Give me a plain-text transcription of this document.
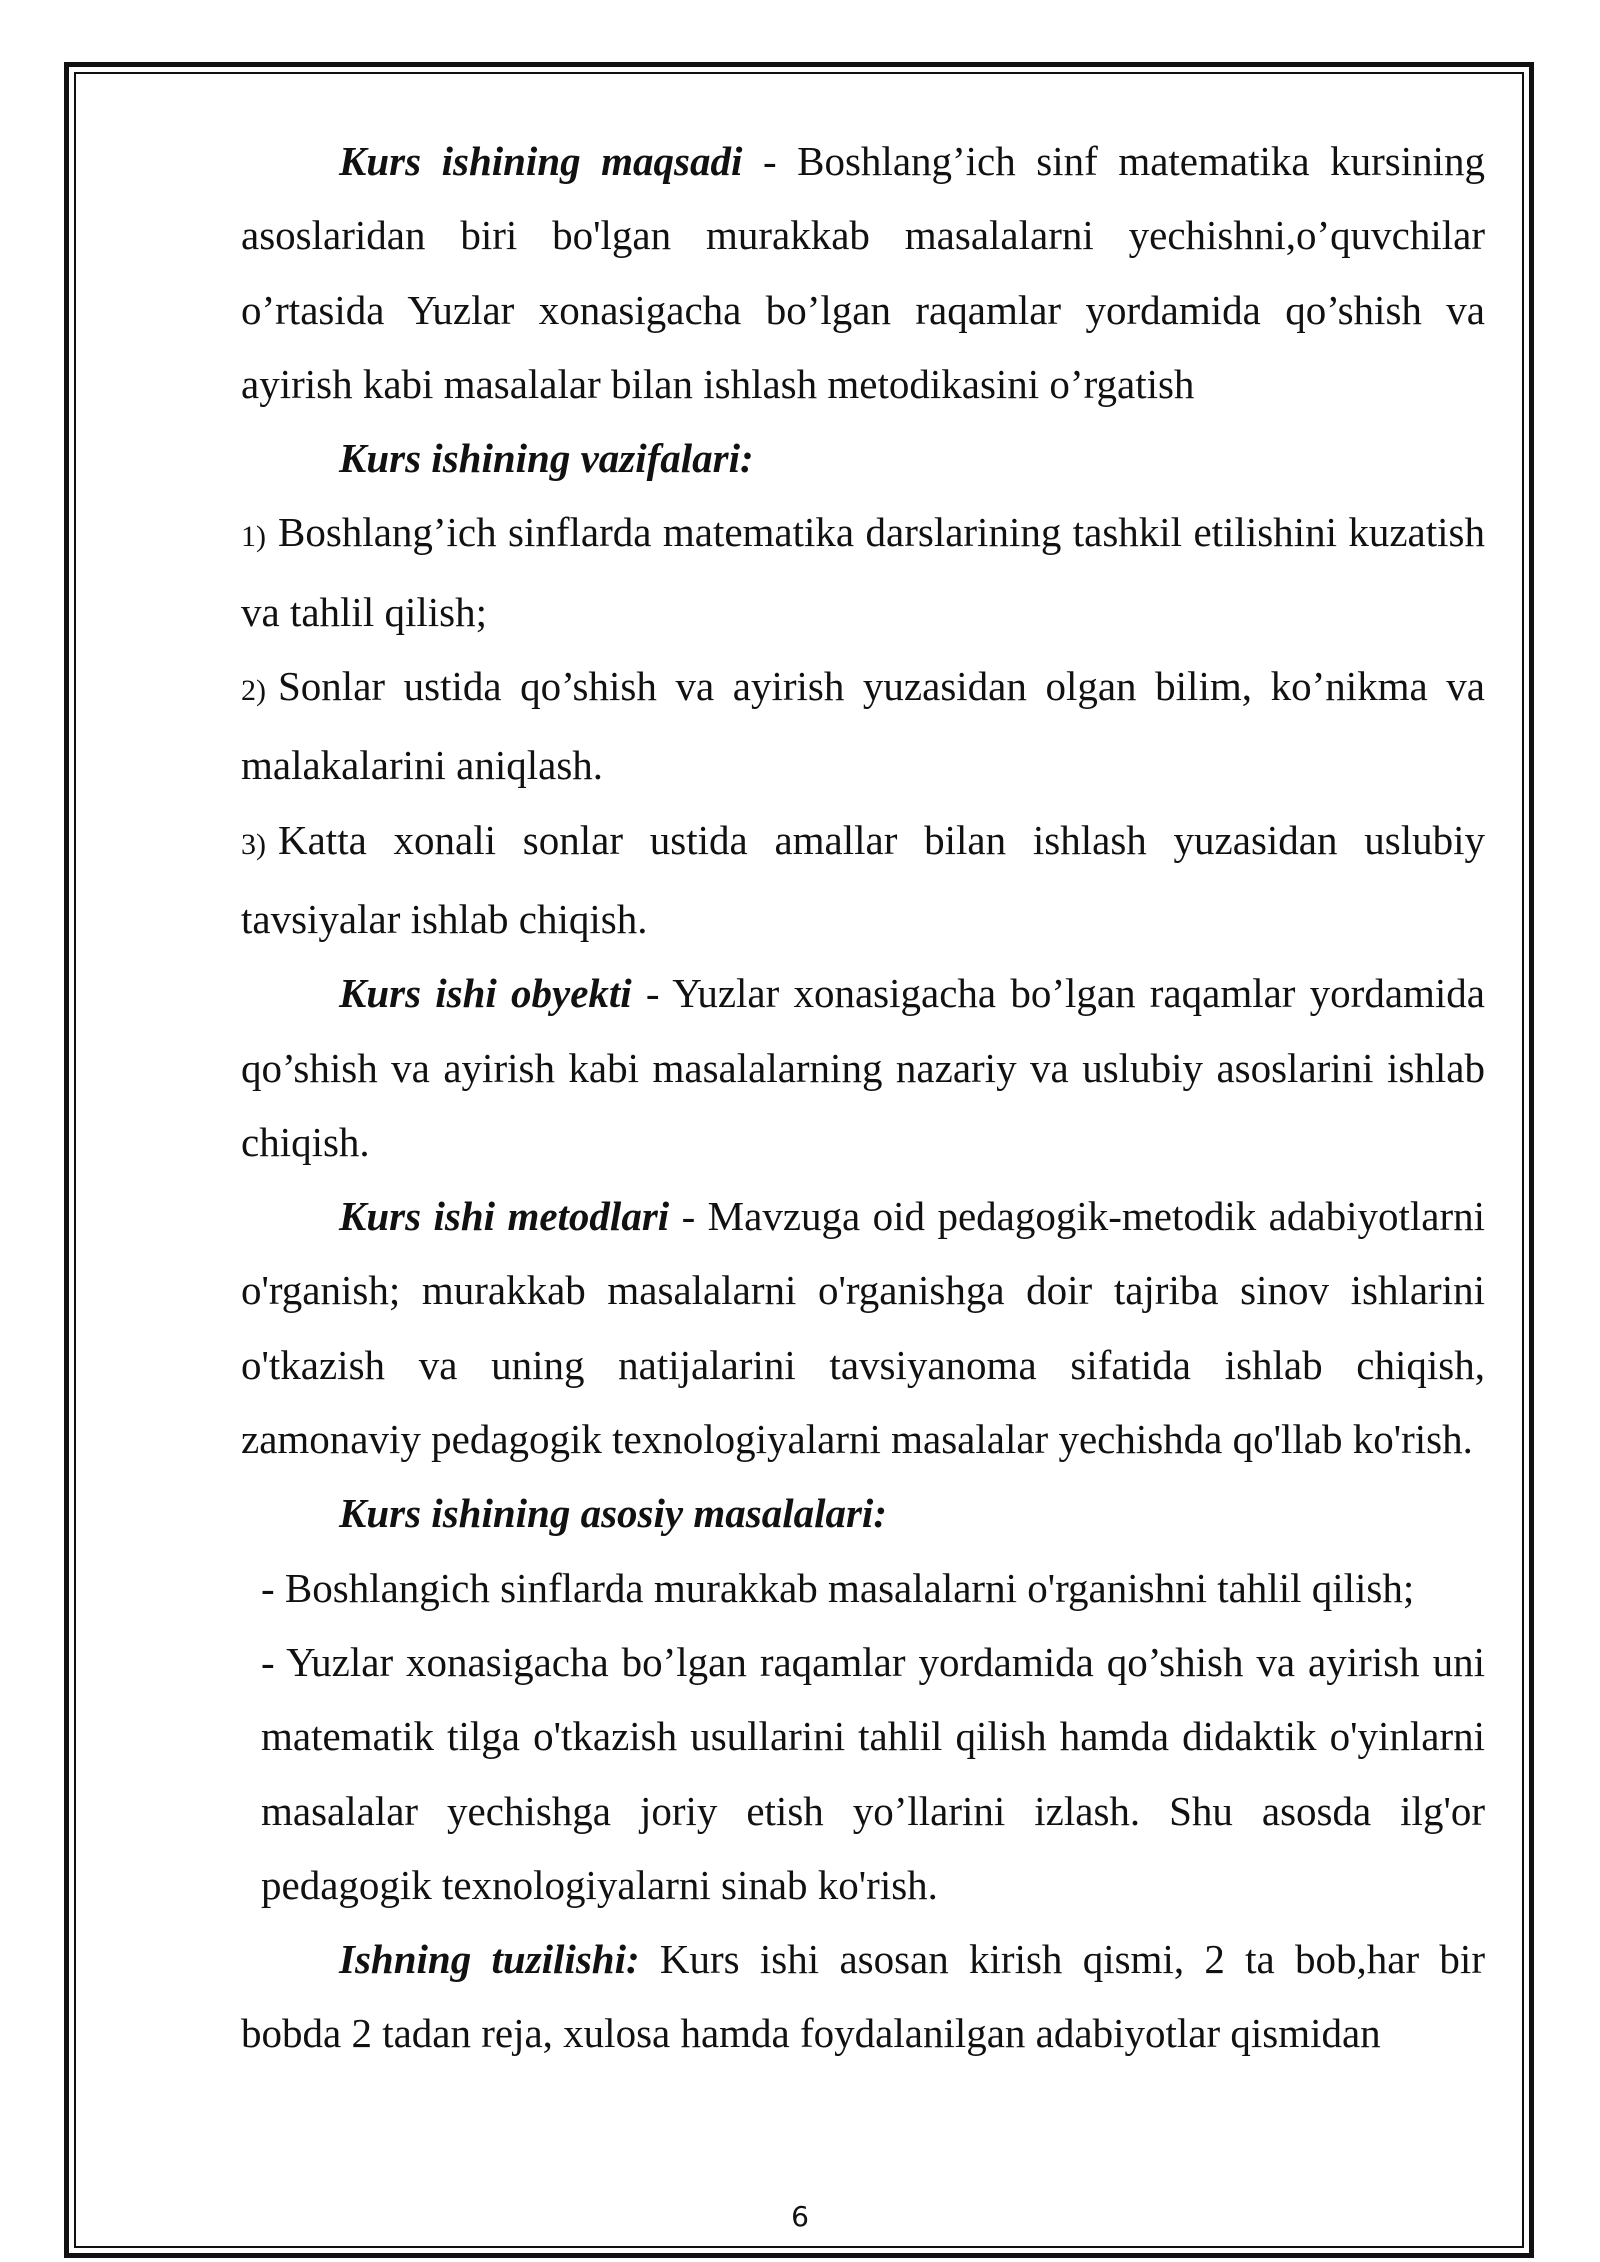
Kurs ishining maqsadi - Boshlang’ich sinf matematika kursining asoslaridan biri bo'lgan murakkab masalalarni yechishni,o’quvchilar o’rtasida Yuzlar xonasigacha bo’lgan raqamlar yordamida qo’shish va ayirish kabi masalalar bilan ishlash metodikasini o’rgatish

Kurs ishining vazifalari:

1) Boshlang’ich sinflarda matematika darslarining tashkil etilishini kuzatish va tahlil qilish;

2) Sonlar ustida qo’shish va ayirish yuzasidan olgan bilim, ko’nikma va malakalarini aniqlash.

3) Katta xonali sonlar ustida amallar bilan ishlash yuzasidan uslubiy tavsiyalar ishlab chiqish.

Kurs ishi obyekti - Yuzlar xonasigacha bo’lgan raqamlar yordamida qo’shish va ayirish kabi masalalarning nazariy va uslubiy asoslarini ishlab chiqish.

Kurs ishi metodlari - Mavzuga oid pedagogik-metodik adabiyotlarni o'rganish; murakkab masalalarni o'rganishga doir tajriba sinov ishlarini o'tkazish va uning natijalarini tavsiyanoma sifatida ishlab chiqish, zamonaviy pedagogik texnologiyalarni masalalar yechishda qo'llab ko'rish.

Kurs ishining asosiy masalalari:

- Boshlangich sinflarda murakkab masalalarni o'rganishni tahlil qilish;

- Yuzlar xonasigacha bo’lgan raqamlar yordamida qo’shish va ayirish uni matematik tilga o'tkazish usullarini tahlil qilish hamda didaktik o'yinlarni masalalar yechishga joriy etish yo’llarini izlash. Shu asosda ilg'or pedagogik texnologiyalarni sinab ko'rish.

Ishning tuzilishi: Kurs ishi asosan kirish qismi, 2 ta bob,har bir bobda 2 tadan reja, xulosa hamda foydalanilgan adabiyotlar qismidan

6
